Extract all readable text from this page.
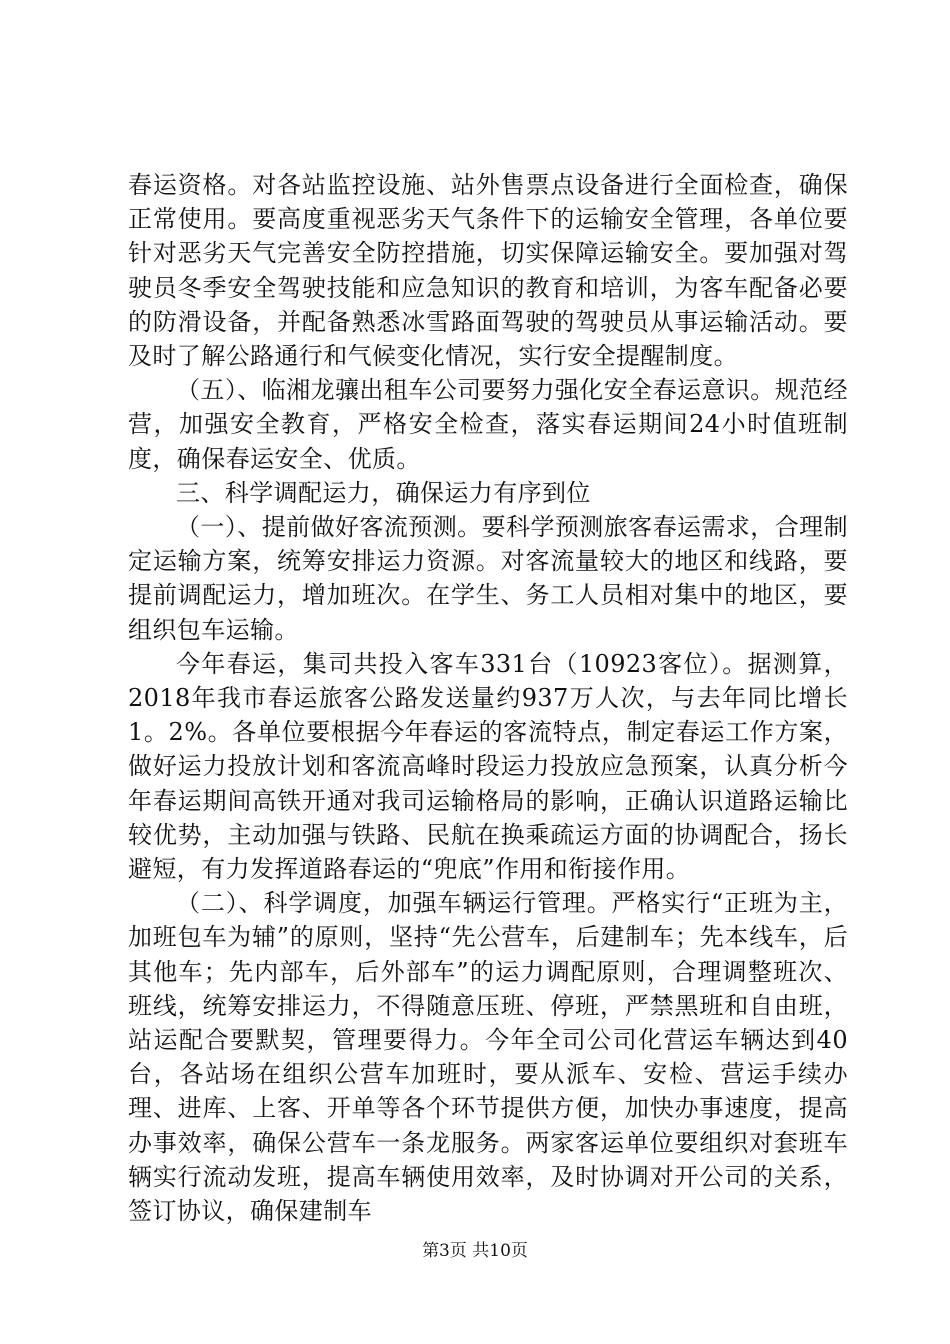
春运资格。对各站监控设施、站外售票点设备进行全面检查，确保正常使用。要高度重视恶劣天气条件下的运输安全管理，各单位要针对恶劣天气完善安全防控措施，切实保障运输安全。要加强对驾驶员冬季安全驾驶技能和应急知识的教育和培训，为客车配备必要的防滑设备，并配备熟悉冰雪路面驾驶的驾驶员从事运输活动。要及时了解公路通行和气候变化情况，实行安全提醒制度。

（五）、临湘龙骧出租车公司要努力强化安全春运意识。规范经营，加强安全教育，严格安全检查，落实春运期间24小时值班制度，确保春运安全、优质。

三、科学调配运力，确保运力有序到位

（一）、提前做好客流预测。要科学预测旅客春运需求，合理制定运输方案，统筹安排运力资源。对客流量较大的地区和线路，要提前调配运力，增加班次。在学生、务工人员相对集中的地区，要组织包车运输。

今年春运，集司共投入客车331台（10923客位）。据测算，2018年我市春运旅客公路发送量约937万人次，与去年同比增长1。2%。各单位要根据今年春运的客流特点，制定春运工作方案，做好运力投放计划和客流高峰时段运力投放应急预案，认真分析今年春运期间高铁开通对我司运输格局的影响，正确认识道路运输比较优势，主动加强与铁路、民航在换乘疏运方面的协调配合，扬长避短，有力发挥道路春运的“兜底”作用和衔接作用。

（二）、科学调度，加强车辆运行管理。严格实行“正班为主，加班包车为辅”的原则，坚持“先公营车，后建制车；先本线车，后其他车；先内部车，后外部车”的运力调配原则，合理调整班次、班线，统筹安排运力，不得随意压班、停班，严禁黑班和自由班，站运配合要默契，管理要得力。今年全司公司化营运车辆达到40台，各站场在组织公营车加班时，要从派车、安检、营运手续办理、进库、上客、开单等各个环节提供方便，加快办事速度，提高办事效率，确保公营车一条龙服务。两家客运单位要组织对套班车辆实行流动发班，提高车辆使用效率，及时协调对开公司的关系，签订协议，确保建制车

第3页 共10页
